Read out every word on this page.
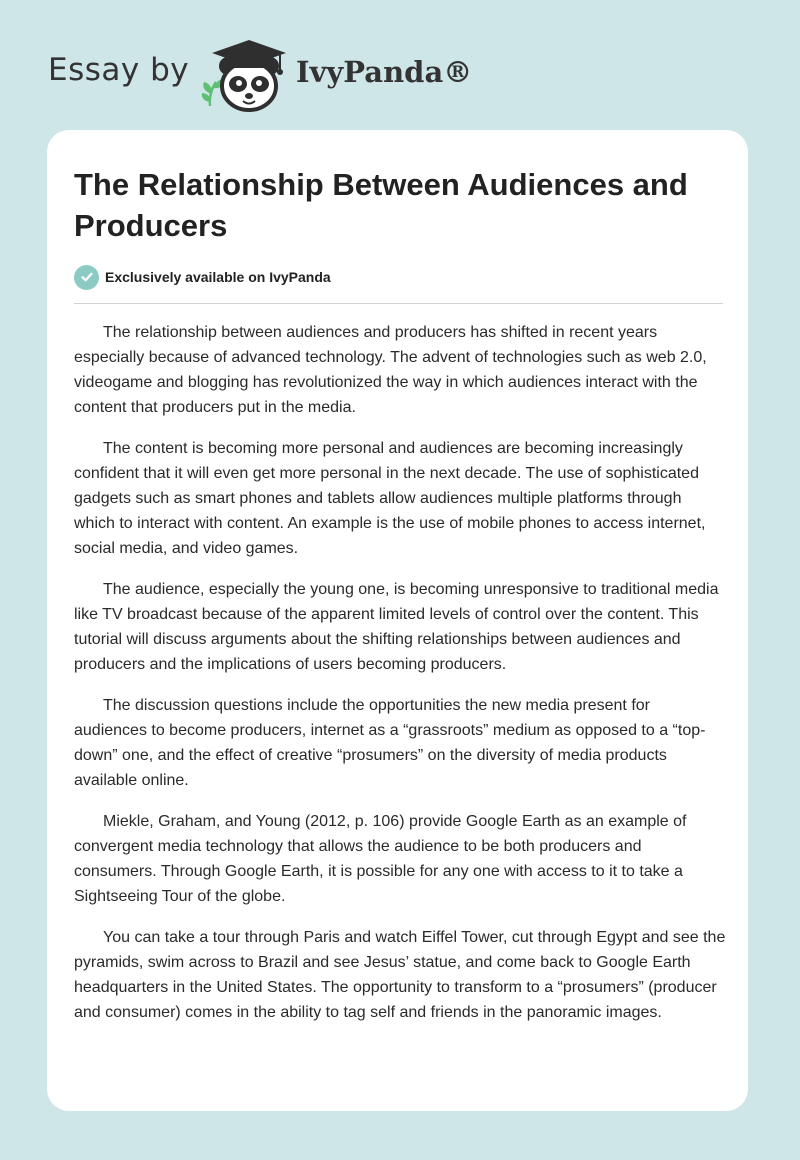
Essay by	IvyPanda®
The Relationship Between Audiences and Producers
Exclusively available on IvyPanda

The relationship between audiences and producers has shifted in recent years especially because of advanced technology. The advent of technologies such as web 2.0, videogame and blogging has revolutionized the way in which audiences interact with the content that producers put in the media.

The content is becoming more personal and audiences are becoming increasingly confident that it will even get more personal in the next decade. The use of sophisticated gadgets such as smart phones and tablets allow audiences multiple platforms through which to interact with content. An example is the use of mobile phones to access internet, social media, and video games.

The audience, especially the young one, is becoming unresponsive to traditional media like TV broadcast because of the apparent limited levels of control over the content. This tutorial will discuss arguments about the shifting relationships between audiences and producers and the implications of users becoming producers.

The discussion questions include the opportunities the new media present for audiences to become producers, internet as a “grassroots” medium as opposed to a “top-down” one, and the effect of creative “prosumers” on the diversity of media products available online.

Miekle, Graham, and Young (2012, p. 106) provide Google Earth as an example of convergent media technology that allows the audience to be both producers and consumers. Through Google Earth, it is possible for any one with access to it to take a Sightseeing Tour of the globe.

You can take a tour through Paris and watch Eiffel Tower, cut through Egypt and see the pyramids, swim across to Brazil and see Jesus’ statue, and come back to Google Earth headquarters in the United States. The opportunity to transform to a “prosumers” (producer and consumer) comes in the ability to tag self and friends in the panoramic images.
